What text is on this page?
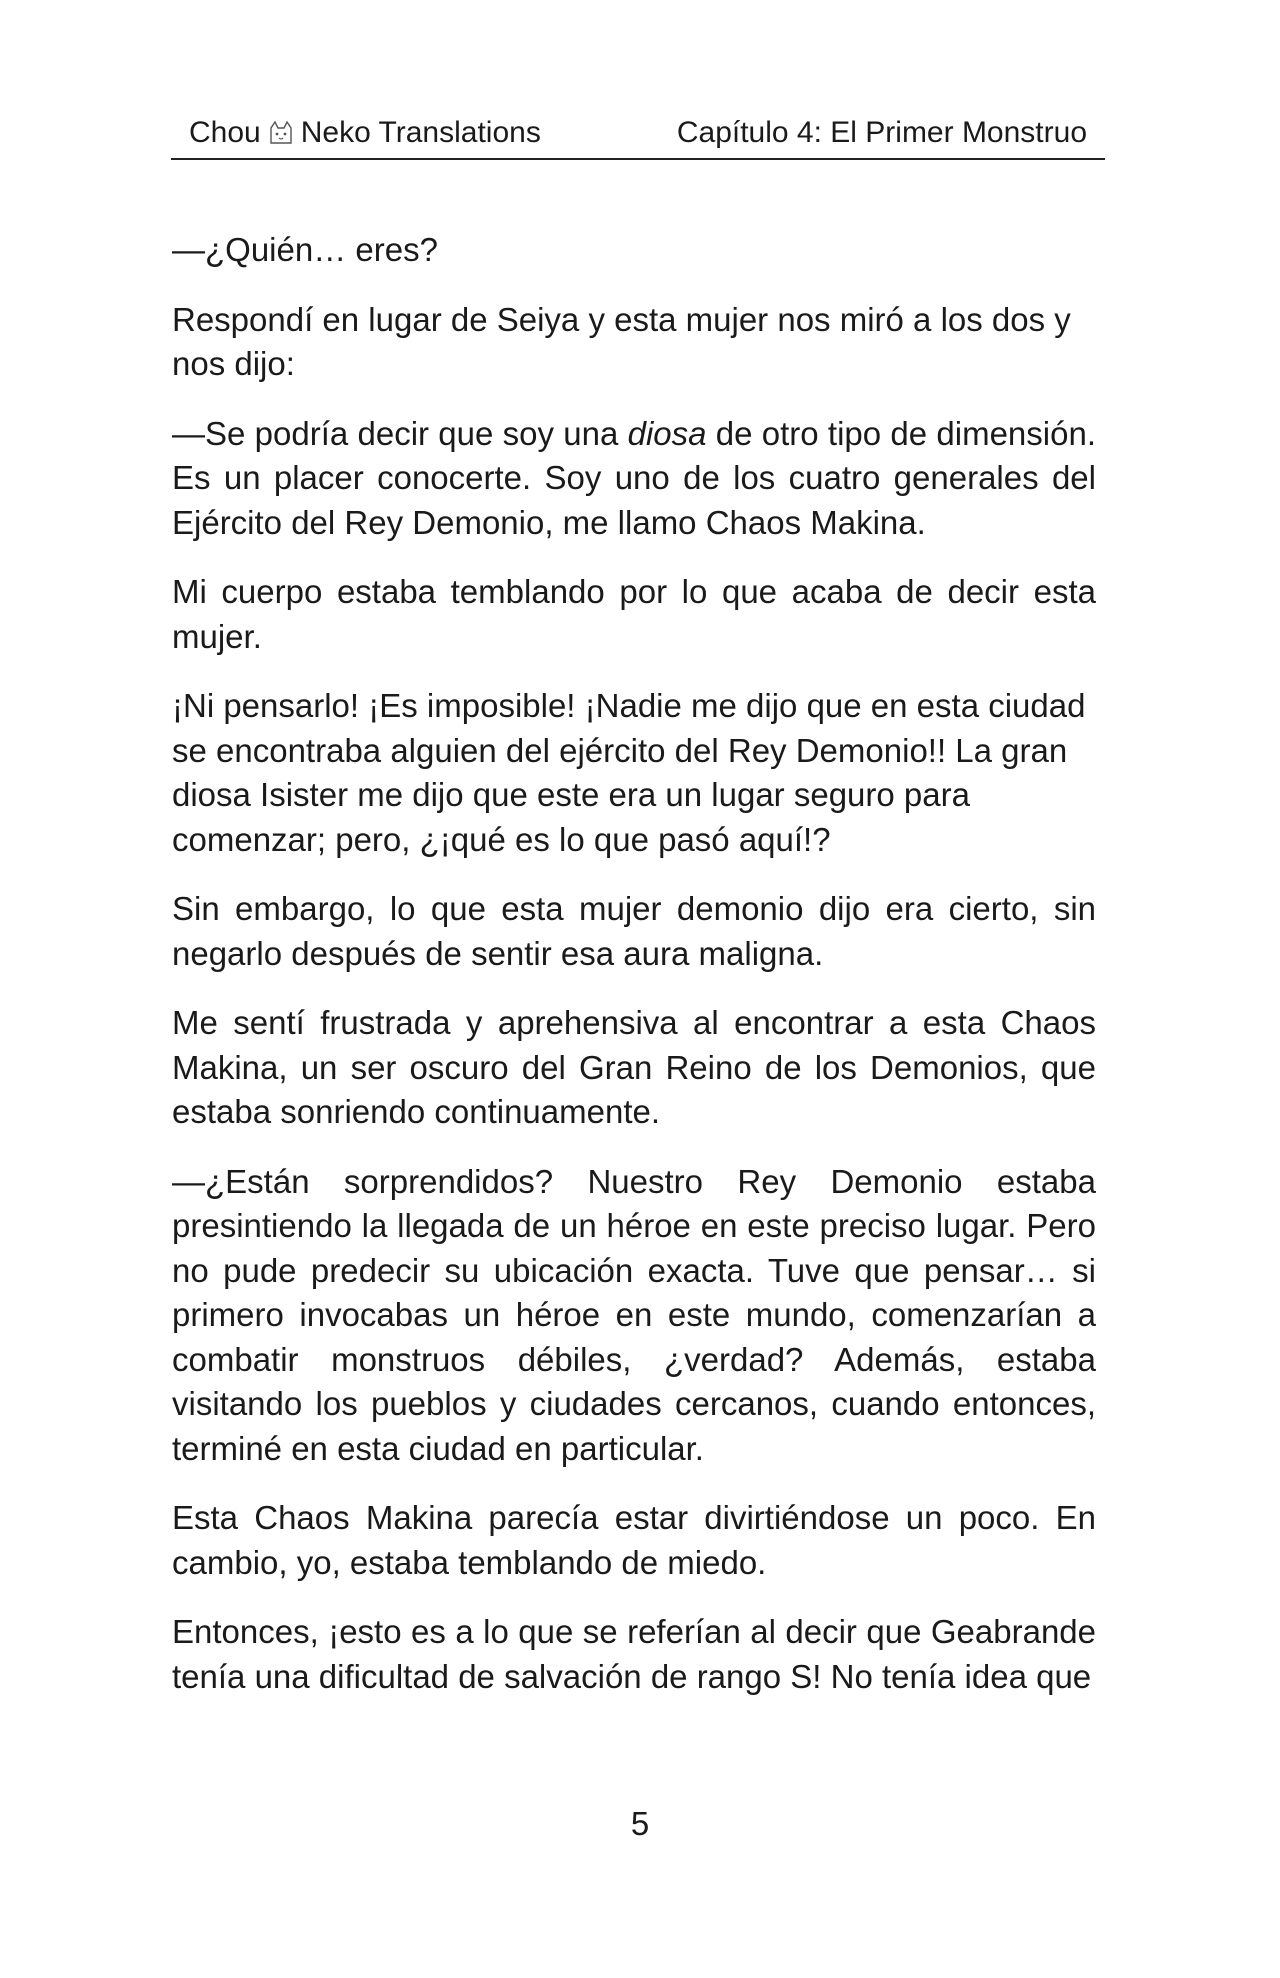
Chou Neko Translations	Capítulo 4: El Primer Monstruo

—¿Quién… eres?

Respondí en lugar de Seiya y esta mujer nos miró a los dos y nos dijo:

—Se podría decir que soy una diosa de otro tipo de dimensión. Es un placer conocerte. Soy uno de los cuatro generales del Ejército del Rey Demonio, me llamo Chaos Makina.

Mi cuerpo estaba temblando por lo que acaba de decir esta mujer.

¡Ni pensarlo! ¡Es imposible! ¡Nadie me dijo que en esta ciudad se encontraba alguien del ejército del Rey Demonio!! La gran diosa Isister me dijo que este era un lugar seguro para comenzar; pero, ¿¡qué es lo que pasó aquí!?

Sin embargo, lo que esta mujer demonio dijo era cierto, sin negarlo después de sentir esa aura maligna.

Me sentí frustrada y aprehensiva al encontrar a esta Chaos Makina, un ser oscuro del Gran Reino de los Demonios, que estaba sonriendo continuamente.

—¿Están sorprendidos? Nuestro Rey Demonio estaba presintiendo la llegada de un héroe en este preciso lugar. Pero no pude predecir su ubicación exacta. Tuve que pensar… si primero invocabas un héroe en este mundo, comenzarían a combatir monstruos débiles, ¿verdad? Además, estaba visitando los pueblos y ciudades cercanos, cuando entonces, terminé en esta ciudad en particular.

Esta Chaos Makina parecía estar divirtiéndose un poco. En cambio, yo, estaba temblando de miedo.

Entonces, ¡esto es a lo que se referían al decir que Geabrande tenía una dificultad de salvación de rango S! No tenía idea que

5
